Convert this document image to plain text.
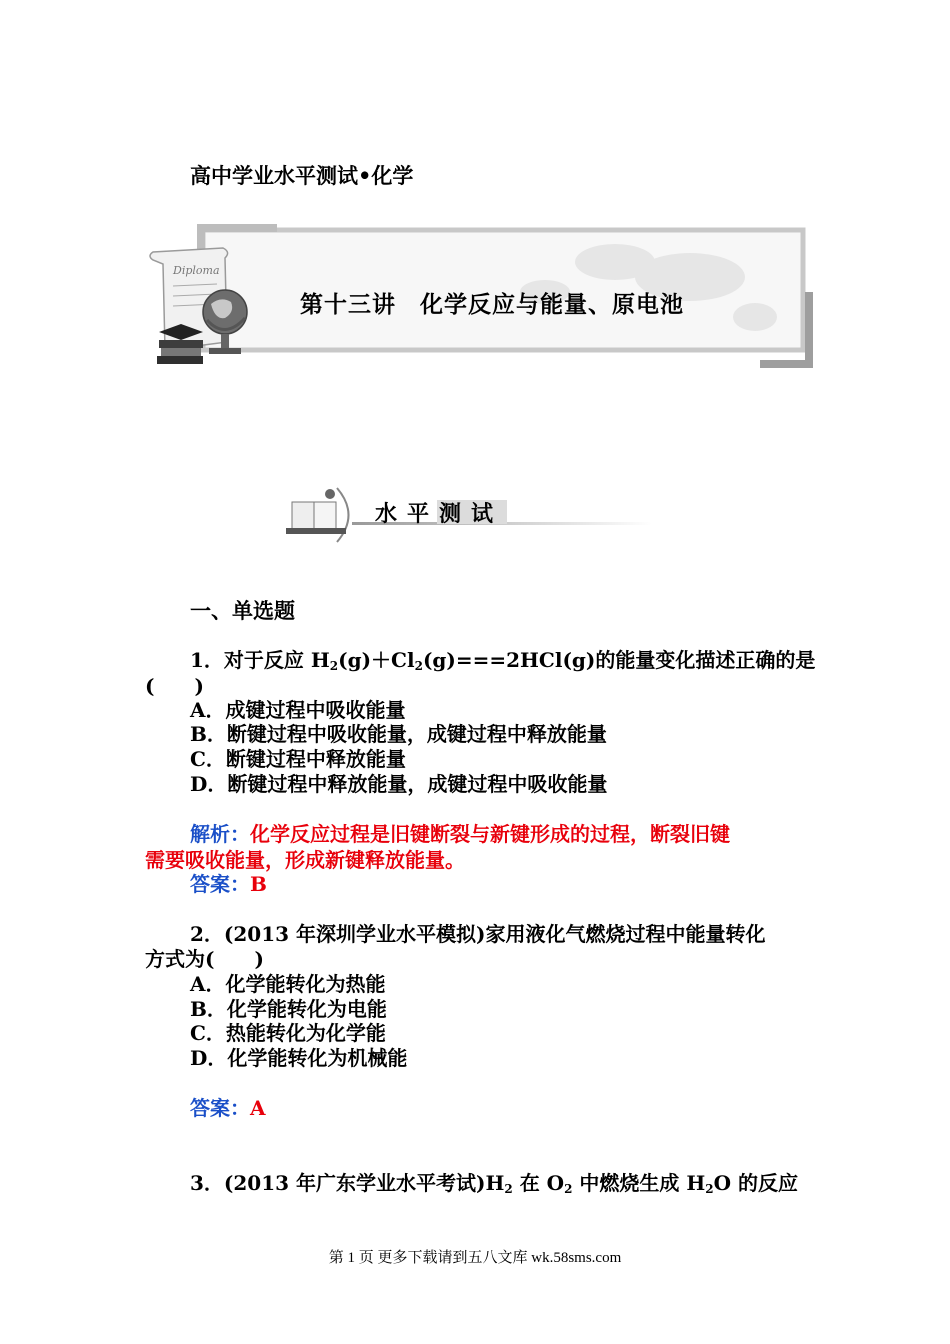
高中学业水平测试•化学
Diploma
第十三讲　化学反应与能量、原电池
水平测试
一、单选题
1．对于反应 $H_2(g)+Cl_2(g)===2HCl(g)$的能量变化描述正确的是
(　　)
A．成键过程中吸收能量
B．断键过程中吸收能量，成键过程中释放能量
C．断键过程中释放能量
D．断键过程中释放能量，成键过程中吸收能量
解析：化学反应过程是旧键断裂与新键形成的过程，断裂旧键
需要吸收能量，形成新键释放能量。
答案：B
2．(2013 年深圳学业水平模拟)家用液化气燃烧过程中能量转化
方式为(　　)
A．化学能转化为热能
B．化学能转化为电能
C．热能转化为化学能
D．化学能转化为机械能
答案：A
3．(2013 年广东学业水平考试)$H_2$ 在 $O_2$ 中燃烧生成 $H_2O$ 的反应
第 1 页 更多下载请到五八文库 wk.58sms.com
